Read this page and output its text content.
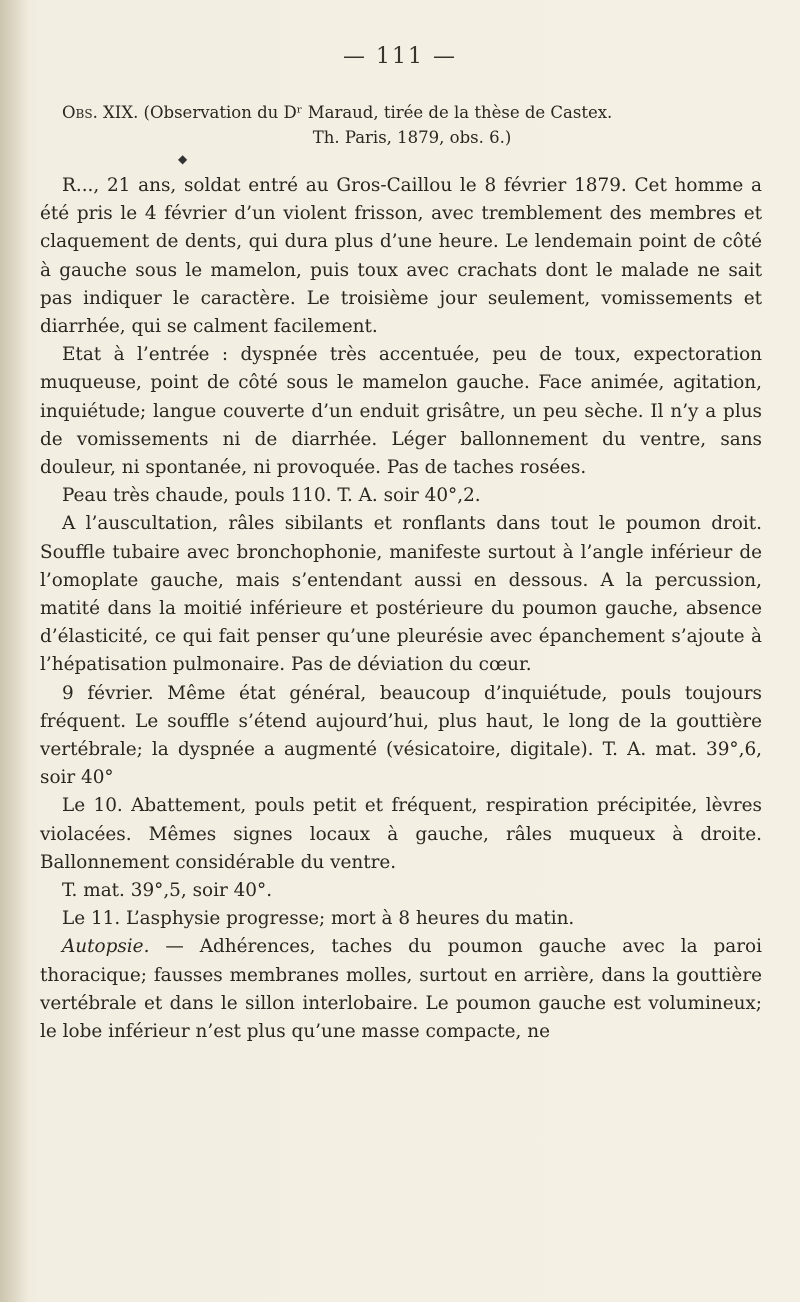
— 111 —
Obs. XIX. (Observation du Dʳ Maraud, tirée de la thèse de Castex.
Th. Paris, 1879, obs. 6.)
◆

R..., 21 ans, soldat entré au Gros-Caillou le 8 février 1879. Cet homme a été pris le 4 février d’un violent frisson, avec tremblement des membres et claquement de dents, qui dura plus d’une heure. Le lendemain point de côté à gauche sous le mamelon, puis toux avec crachats dont le malade ne sait pas indiquer le caractère. Le troisième jour seulement, vomissements et diarrhée, qui se calment facilement.

Etat à l’entrée : dyspnée très accentuée, peu de toux, expectoration muqueuse, point de côté sous le mamelon gauche. Face animée, agitation, inquiétude; langue couverte d’un enduit grisâtre, un peu sèche. Il n’y a plus de vomissements ni de diarrhée. Léger ballonnement du ventre, sans douleur, ni spontanée, ni provoquée. Pas de taches rosées.

Peau très chaude, pouls 110. T. A. soir 40°,2.

A l’auscultation, râles sibilants et ronflants dans tout le poumon droit. Souffle tubaire avec bronchophonie, manifeste surtout à l’angle inférieur de l’omoplate gauche, mais s’entendant aussi en dessous. A la percussion, matité dans la moitié inférieure et postérieure du poumon gauche, absence d’élasticité, ce qui fait penser qu’une pleurésie avec épanchement s’ajoute à l’hépatisation pulmonaire. Pas de déviation du cœur.

9 février. Même état général, beaucoup d’inquiétude, pouls toujours fréquent. Le souffle s’étend aujourd’hui, plus haut, le long de la gouttière vertébrale; la dyspnée a augmenté (vésicatoire, digitale). T. A. mat. 39°,6, soir 40°

Le 10. Abattement, pouls petit et fréquent, respiration précipitée, lèvres violacées. Mêmes signes locaux à gauche, râles muqueux à droite. Ballonnement considérable du ventre.

T. mat. 39°,5, soir 40°.

Le 11. L’asphysie progresse; mort à 8 heures du matin.

Autopsie. — Adhérences, taches du poumon gauche avec la paroi thoracique; fausses membranes molles, surtout en arrière, dans la gouttière vertébrale et dans le sillon interlobaire. Le poumon gauche est volumineux; le lobe inférieur n’est plus qu’une masse compacte, ne
